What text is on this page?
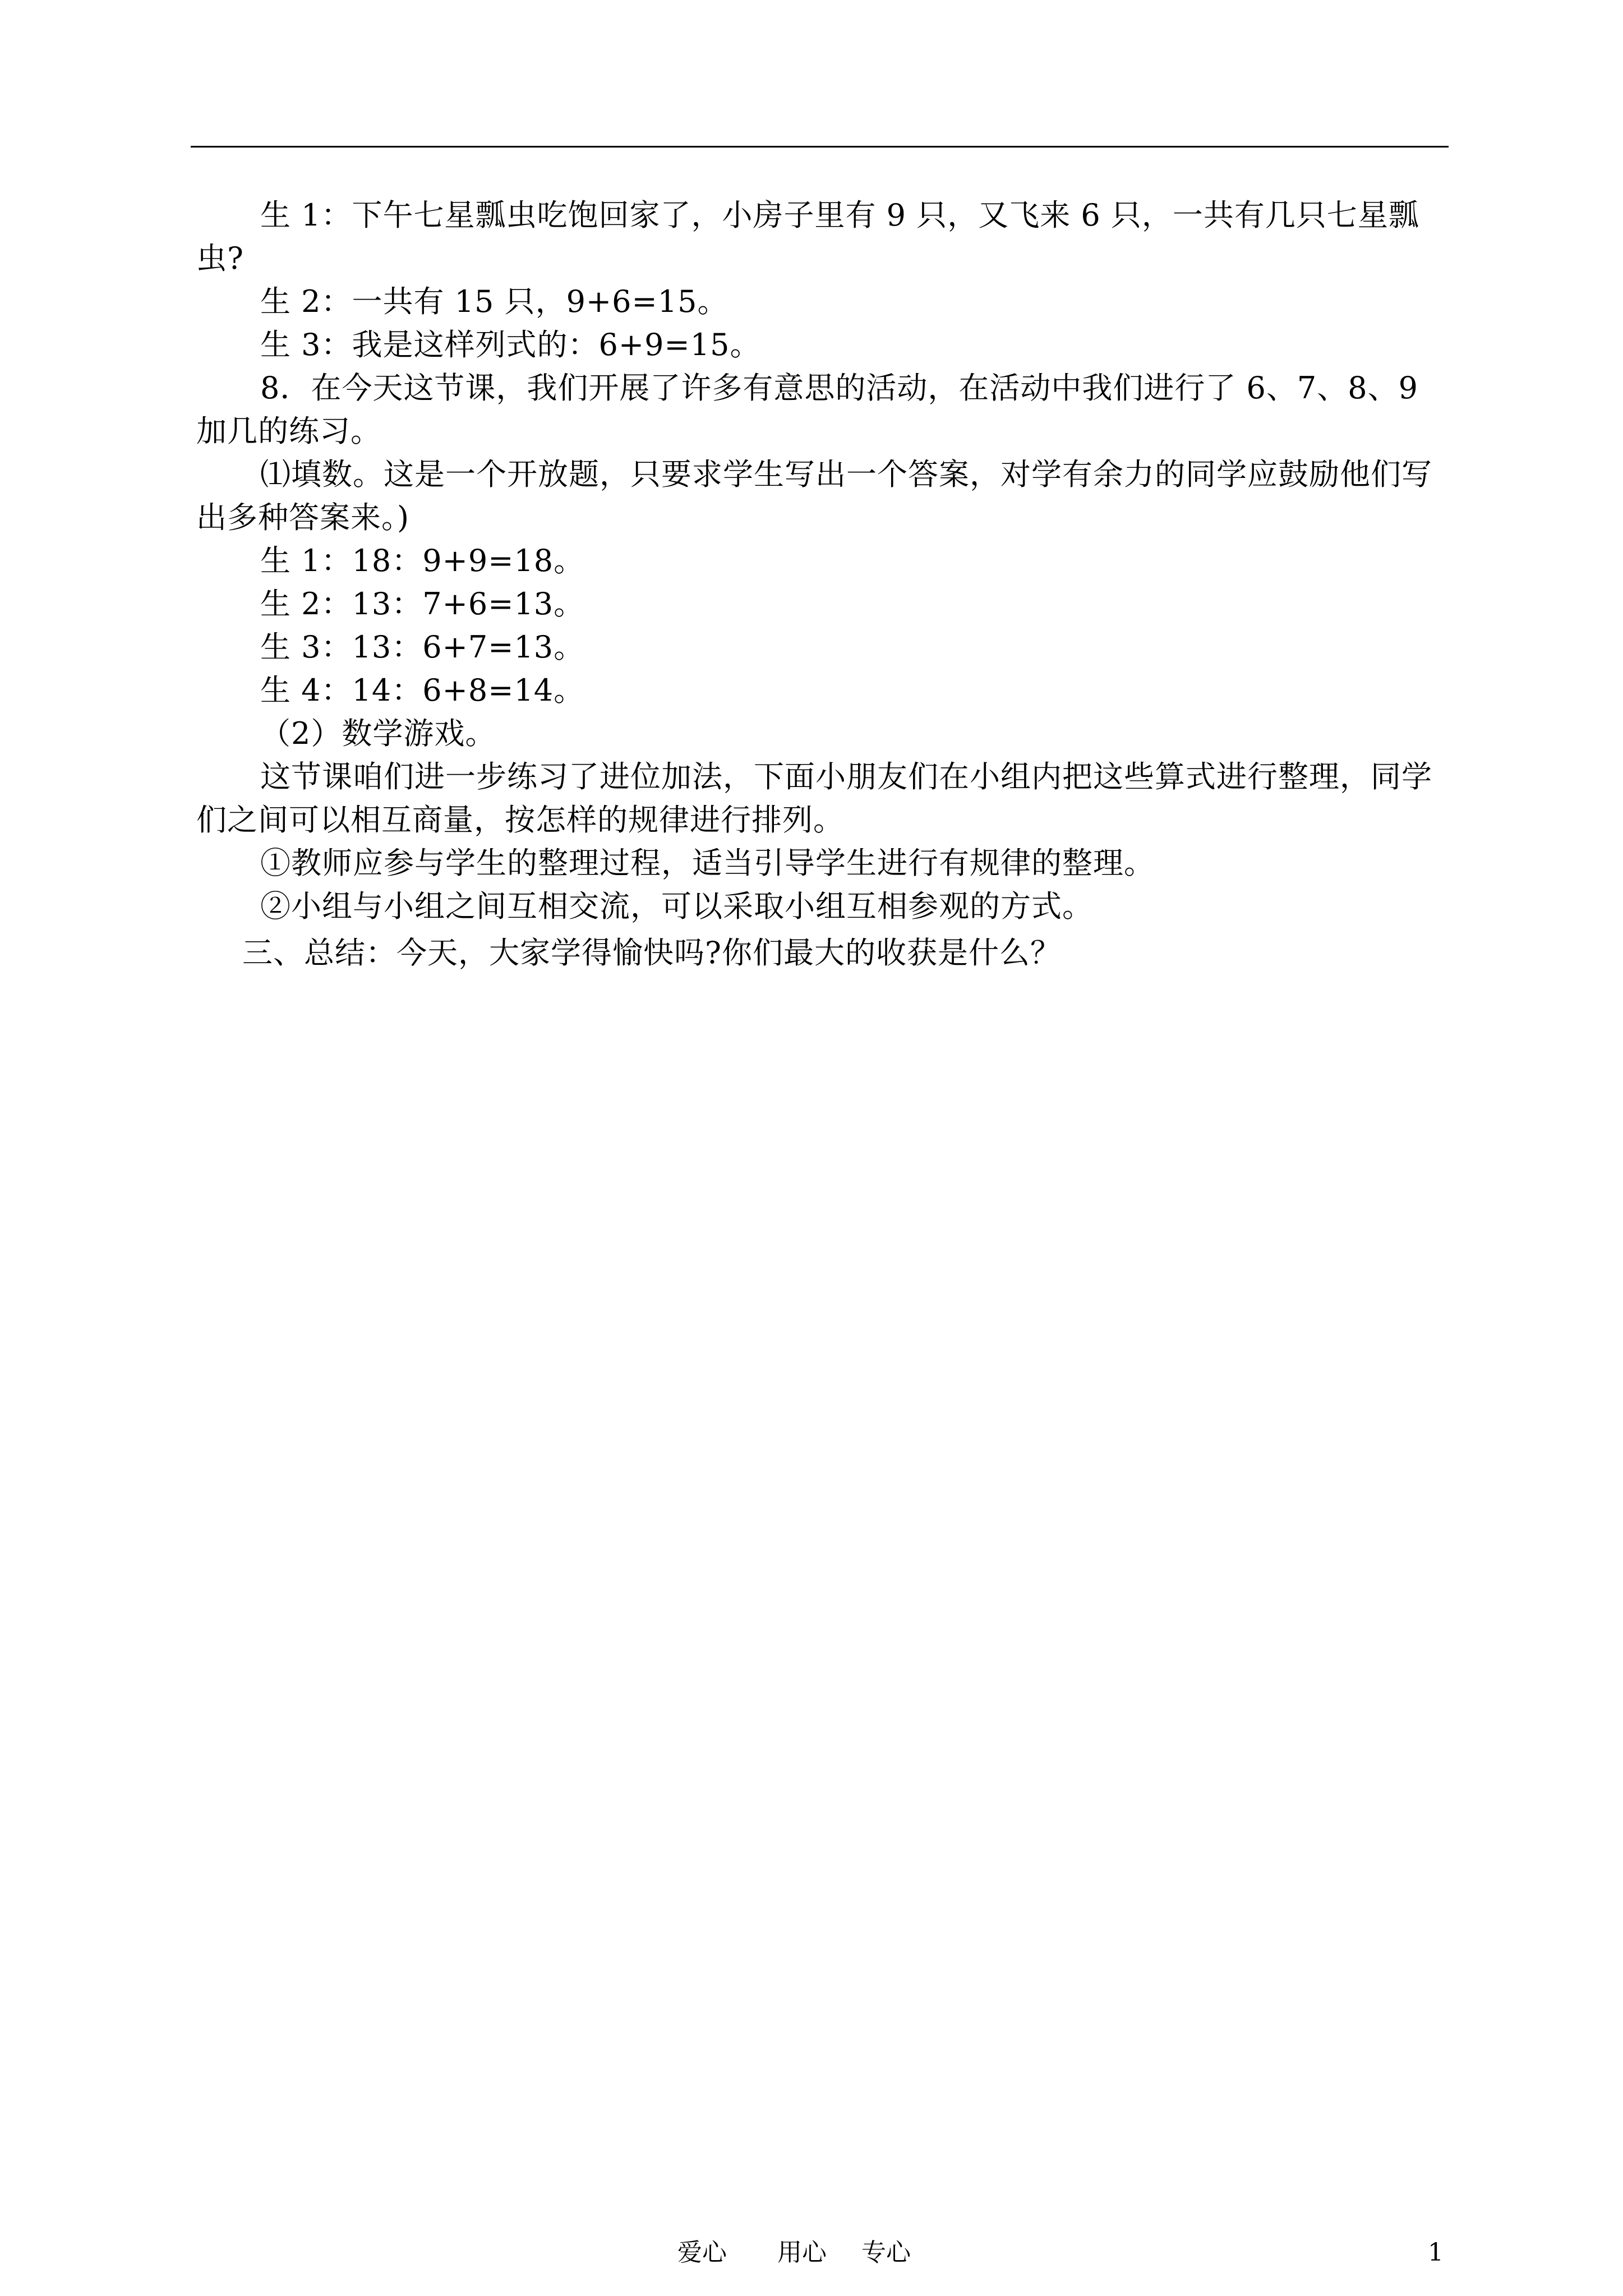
生 1：下午七星瓢虫吃饱回家了，小房子里有 9 只，又飞来 6 只，一共有几只七星瓢虫?

生 2：一共有 15 只，9+6=15。

生 3：我是这样列式的：6+9=15。

8．在今天这节课，我们开展了许多有意思的活动，在活动中我们进行了 6、7、8、9 加几的练习。

⑴填数。这是一个开放题，只要求学生写出一个答案，对学有余力的同学应鼓励他们写出多种答案来。)

生 1：18：9+9=18。

生 2：13：7+6=13。

生 3：13：6+7=13。

生 4：14：6+8=14。

（2）数学游戏。

这节课咱们进一步练习了进位加法，下面小朋友们在小组内把这些算式进行整理，同学们之间可以相互商量，按怎样的规律进行排列。

①教师应参与学生的整理过程，适当引导学生进行有规律的整理。

②小组与小组之间互相交流，可以采取小组互相参观的方式。

三、总结：今天，大家学得愉快吗?你们最大的收获是什么？

爱心	用心	专心	1
